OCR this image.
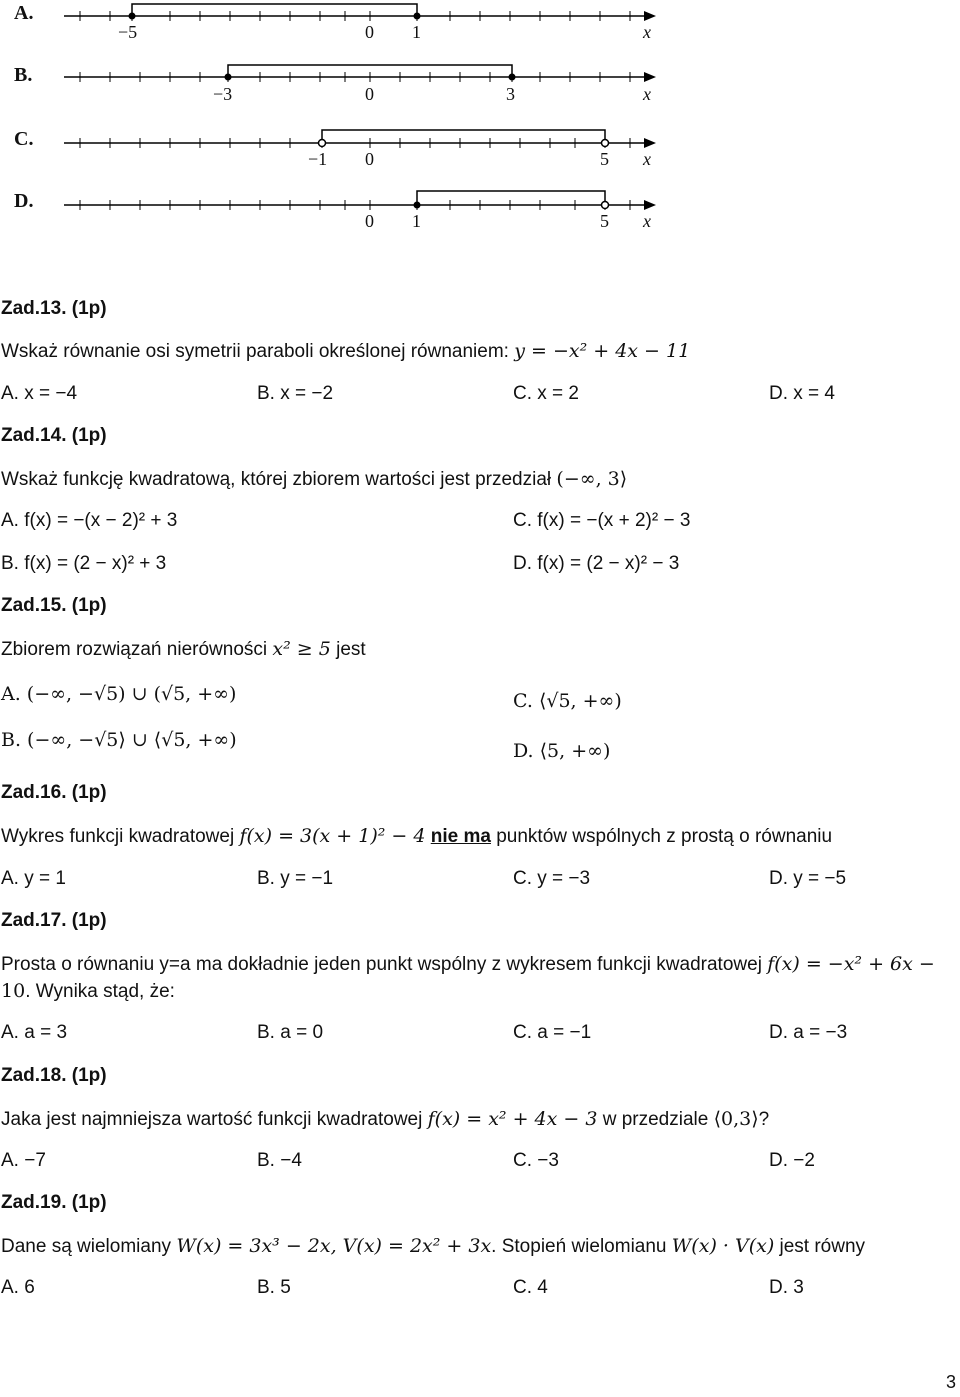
A.
−5	0 1	x
B.
−3	0	3	x
C.
−1 0	5 x
D.
0 1	5 x
Zad.13. (1p)
Wskaż równanie osi symetrii paraboli określonej równaniem: y = −x² + 4x − 11
A. x = −4	B. x = −2	C. x = 2	D. x = 4
Zad.14. (1p)
Wskaż funkcję kwadratową, której zbiorem wartości jest przedział (−∞, 3⟩
A. f(x) = −(x − 2)² + 3	C. f(x) = −(x + 2)² − 3
B. f(x) = (2 − x)² + 3	D. f(x) = (2 − x)² − 3
Zad.15. (1p)
Zbiorem rozwiązań nierówności x² ≥ 5 jest
A. (−∞, −√5) ∪ (√5, +∞)	C. ⟨√5, +∞)
B. (−∞, −√5⟩ ∪ ⟨√5, +∞)	D. ⟨5, +∞)
Zad.16. (1p)
Wykres funkcji kwadratowej f(x) = 3(x + 1)² − 4 nie ma punktów wspólnych z prostą o równaniu
A. y = 1	B. y = −1	C. y = −3	D. y = −5
Zad.17. (1p)
Prosta o równaniu y=a ma dokładnie jeden punkt wspólny z wykresem funkcji kwadratowej f(x) = −x² + 6x −
10. Wynika stąd, że:
A. a = 3	B. a = 0	C. a = −1	D. a = −3
Zad.18. (1p)
Jaka jest najmniejsza wartość funkcji kwadratowej f(x) = x² + 4x − 3 w przedziale ⟨0,3⟩?
A. −7	B. −4	C. −3	D. −2
Zad.19. (1p)
Dane są wielomiany W(x) = 3x³ − 2x, V(x) = 2x² + 3x. Stopień wielomianu W(x) · V(x) jest równy
A. 6	B. 5	C. 4	D. 3
3
